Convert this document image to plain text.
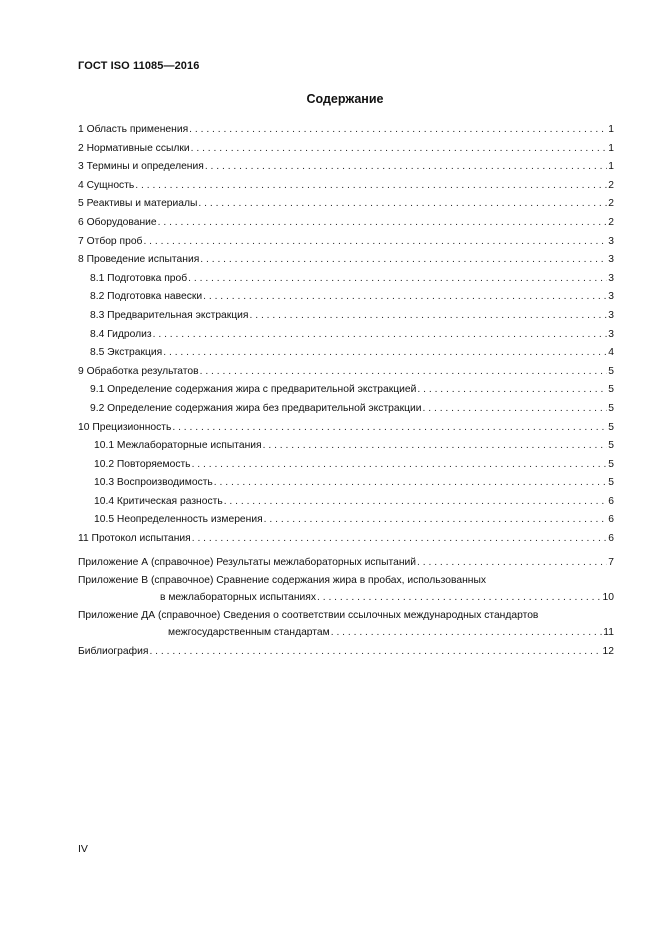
ГОСТ ISO 11085—2016
Содержание
1 Область применения . . .	1
2 Нормативные ссылки . . .	1
3 Термины и определения . . .	1
4 Сущность . . .	2
5 Реактивы и материалы . . .	2
6 Оборудование . . .	2
7 Отбор проб . . .	3
8 Проведение испытания . . .	3
8.1 Подготовка проб . . .	3
8.2 Подготовка навески . . .	3
8.3 Предварительная экстракция . . .	3
8.4 Гидролиз . . .	3
8.5 Экстракция . . .	4
9 Обработка результатов . . .	5
9.1 Определение содержания жира с предварительной экстракцией . . .	5
9.2 Определение содержания жира без предварительной экстракции . . .	5
10 Прецизионность . . .	5
10.1 Межлабораторные испытания . . .	5
10.2 Повторяемость . . .	5
10.3 Воспроизводимость . . .	5
10.4 Критическая разность . . .	6
10.5 Неопределенность измерения . . .	6
11 Протокол испытания . . .	6
Приложение А (справочное) Результаты межлабораторных испытаний . . .	7
Приложение В (справочное) Сравнение содержания жира в пробах, использованных
в межлабораторных испытаниях . . .	10
Приложение ДА (справочное) Сведения о соответствии ссылочных международных стандартов
межгосударственным стандартам . . .	11
Библиография . . .	12
IV
